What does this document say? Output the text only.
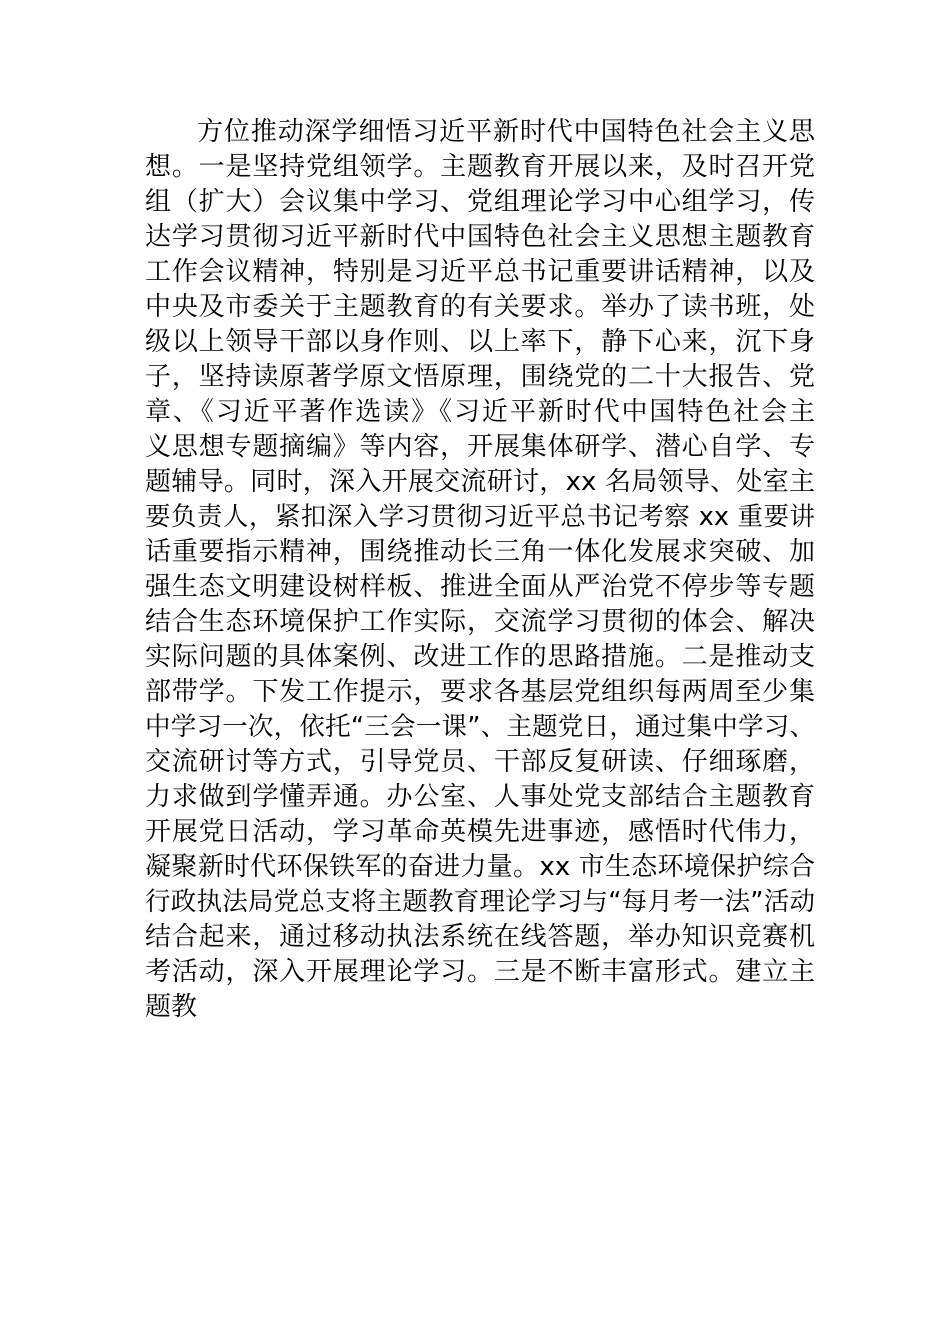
方位推动深学细悟习近平新时代中国特色社会主义思
想。一是坚持党组领学。主题教育开展以来，及时召开党
组（扩大）会议集中学习、党组理论学习中心组学习，传
达学习贯彻习近平新时代中国特色社会主义思想主题教育
工作会议精神，特别是习近平总书记重要讲话精神，以及
中央及市委关于主题教育的有关要求。举办了读书班，处
级以上领导干部以身作则、以上率下，静下心来，沉下身
子，坚持读原著学原文悟原理，围绕党的二十大报告、党
章、《习近平著作选读》《习近平新时代中国特色社会主
义思想专题摘编》等内容，开展集体研学、潜心自学、专
题辅导。同时，深入开展交流研讨，xx 名局领导、处室主
要负责人，紧扣深入学习贯彻习近平总书记考察 xx 重要讲
话重要指示精神，围绕推动长三角一体化发展求突破、加
强生态文明建设树样板、推进全面从严治党不停步等专题
结合生态环境保护工作实际，交流学习贯彻的体会、解决
实际问题的具体案例、改进工作的思路措施。二是推动支
部带学。下发工作提示，要求各基层党组织每两周至少集
中学习一次，依托“三会一课”、主题党日，通过集中学习、
交流研讨等方式，引导党员、干部反复研读、仔细琢磨，
力求做到学懂弄通。办公室、人事处党支部结合主题教育
开展党日活动，学习革命英模先进事迹，感悟时代伟力，
凝聚新时代环保铁军的奋进力量。xx 市生态环境保护综合
行政执法局党总支将主题教育理论学习与“每月考一法”活动
结合起来，通过移动执法系统在线答题，举办知识竞赛机
考活动，深入开展理论学习。三是不断丰富形式。建立主
题教
